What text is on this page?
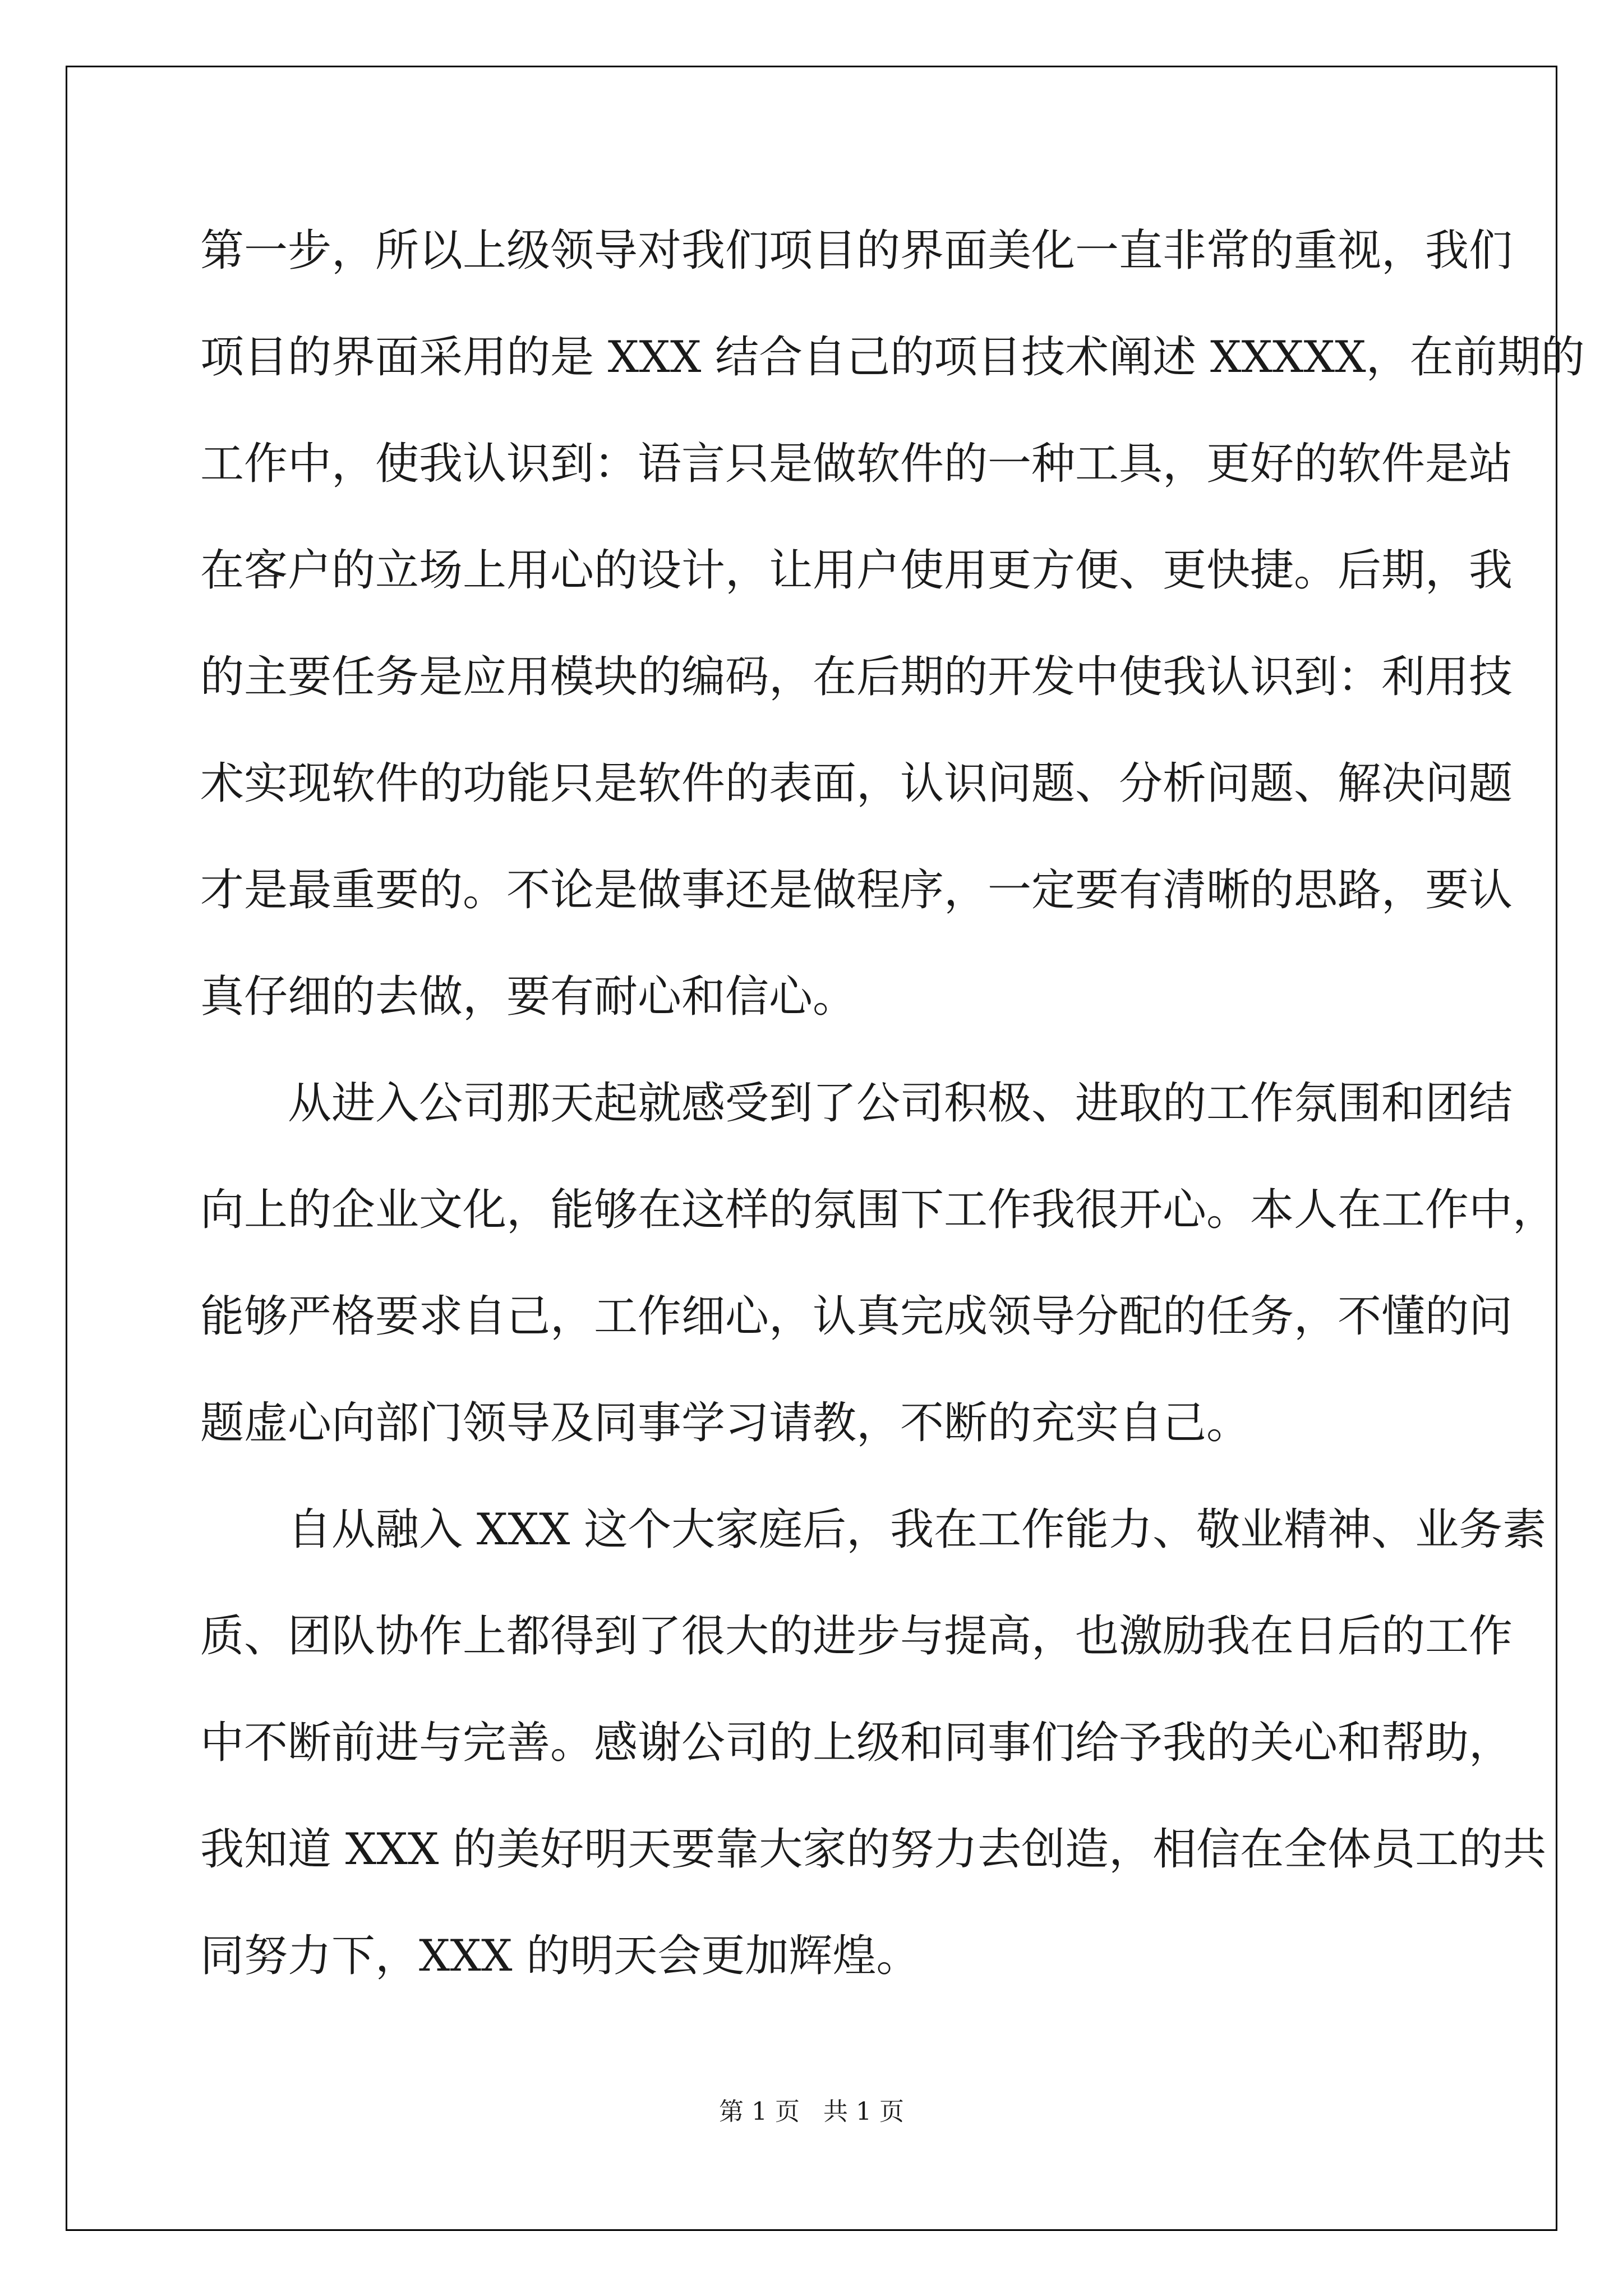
第一步，所以上级领导对我们项目的界面美化一直非常的重视，我们
项目的界面采用的是 XXX 结合自己的项目技术阐述 XXXXX，在前期的
工作中，使我认识到：语言只是做软件的一种工具，更好的软件是站
在客户的立场上用心的设计，让用户使用更方便、更快捷。后期，我
的主要任务是应用模块的编码，在后期的开发中使我认识到：利用技
术实现软件的功能只是软件的表面，认识问题、分析问题、解决问题
才是最重要的。不论是做事还是做程序，一定要有清晰的思路，要认
真仔细的去做，要有耐心和信心。
从进入公司那天起就感受到了公司积极、进取的工作氛围和团结
向上的企业文化，能够在这样的氛围下工作我很开心。本人在工作中，
能够严格要求自己，工作细心，认真完成领导分配的任务，不懂的问
题虚心向部门领导及同事学习请教，不断的充实自己。
自从融入 XXX 这个大家庭后，我在工作能力、敬业精神、业务素
质、团队协作上都得到了很大的进步与提高，也激励我在日后的工作
中不断前进与完善。感谢公司的上级和同事们给予我的关心和帮助，
我知道 XXX 的美好明天要靠大家的努力去创造，相信在全体员工的共
同努力下，XXX 的明天会更加辉煌。
第 1 页   共 1 页
